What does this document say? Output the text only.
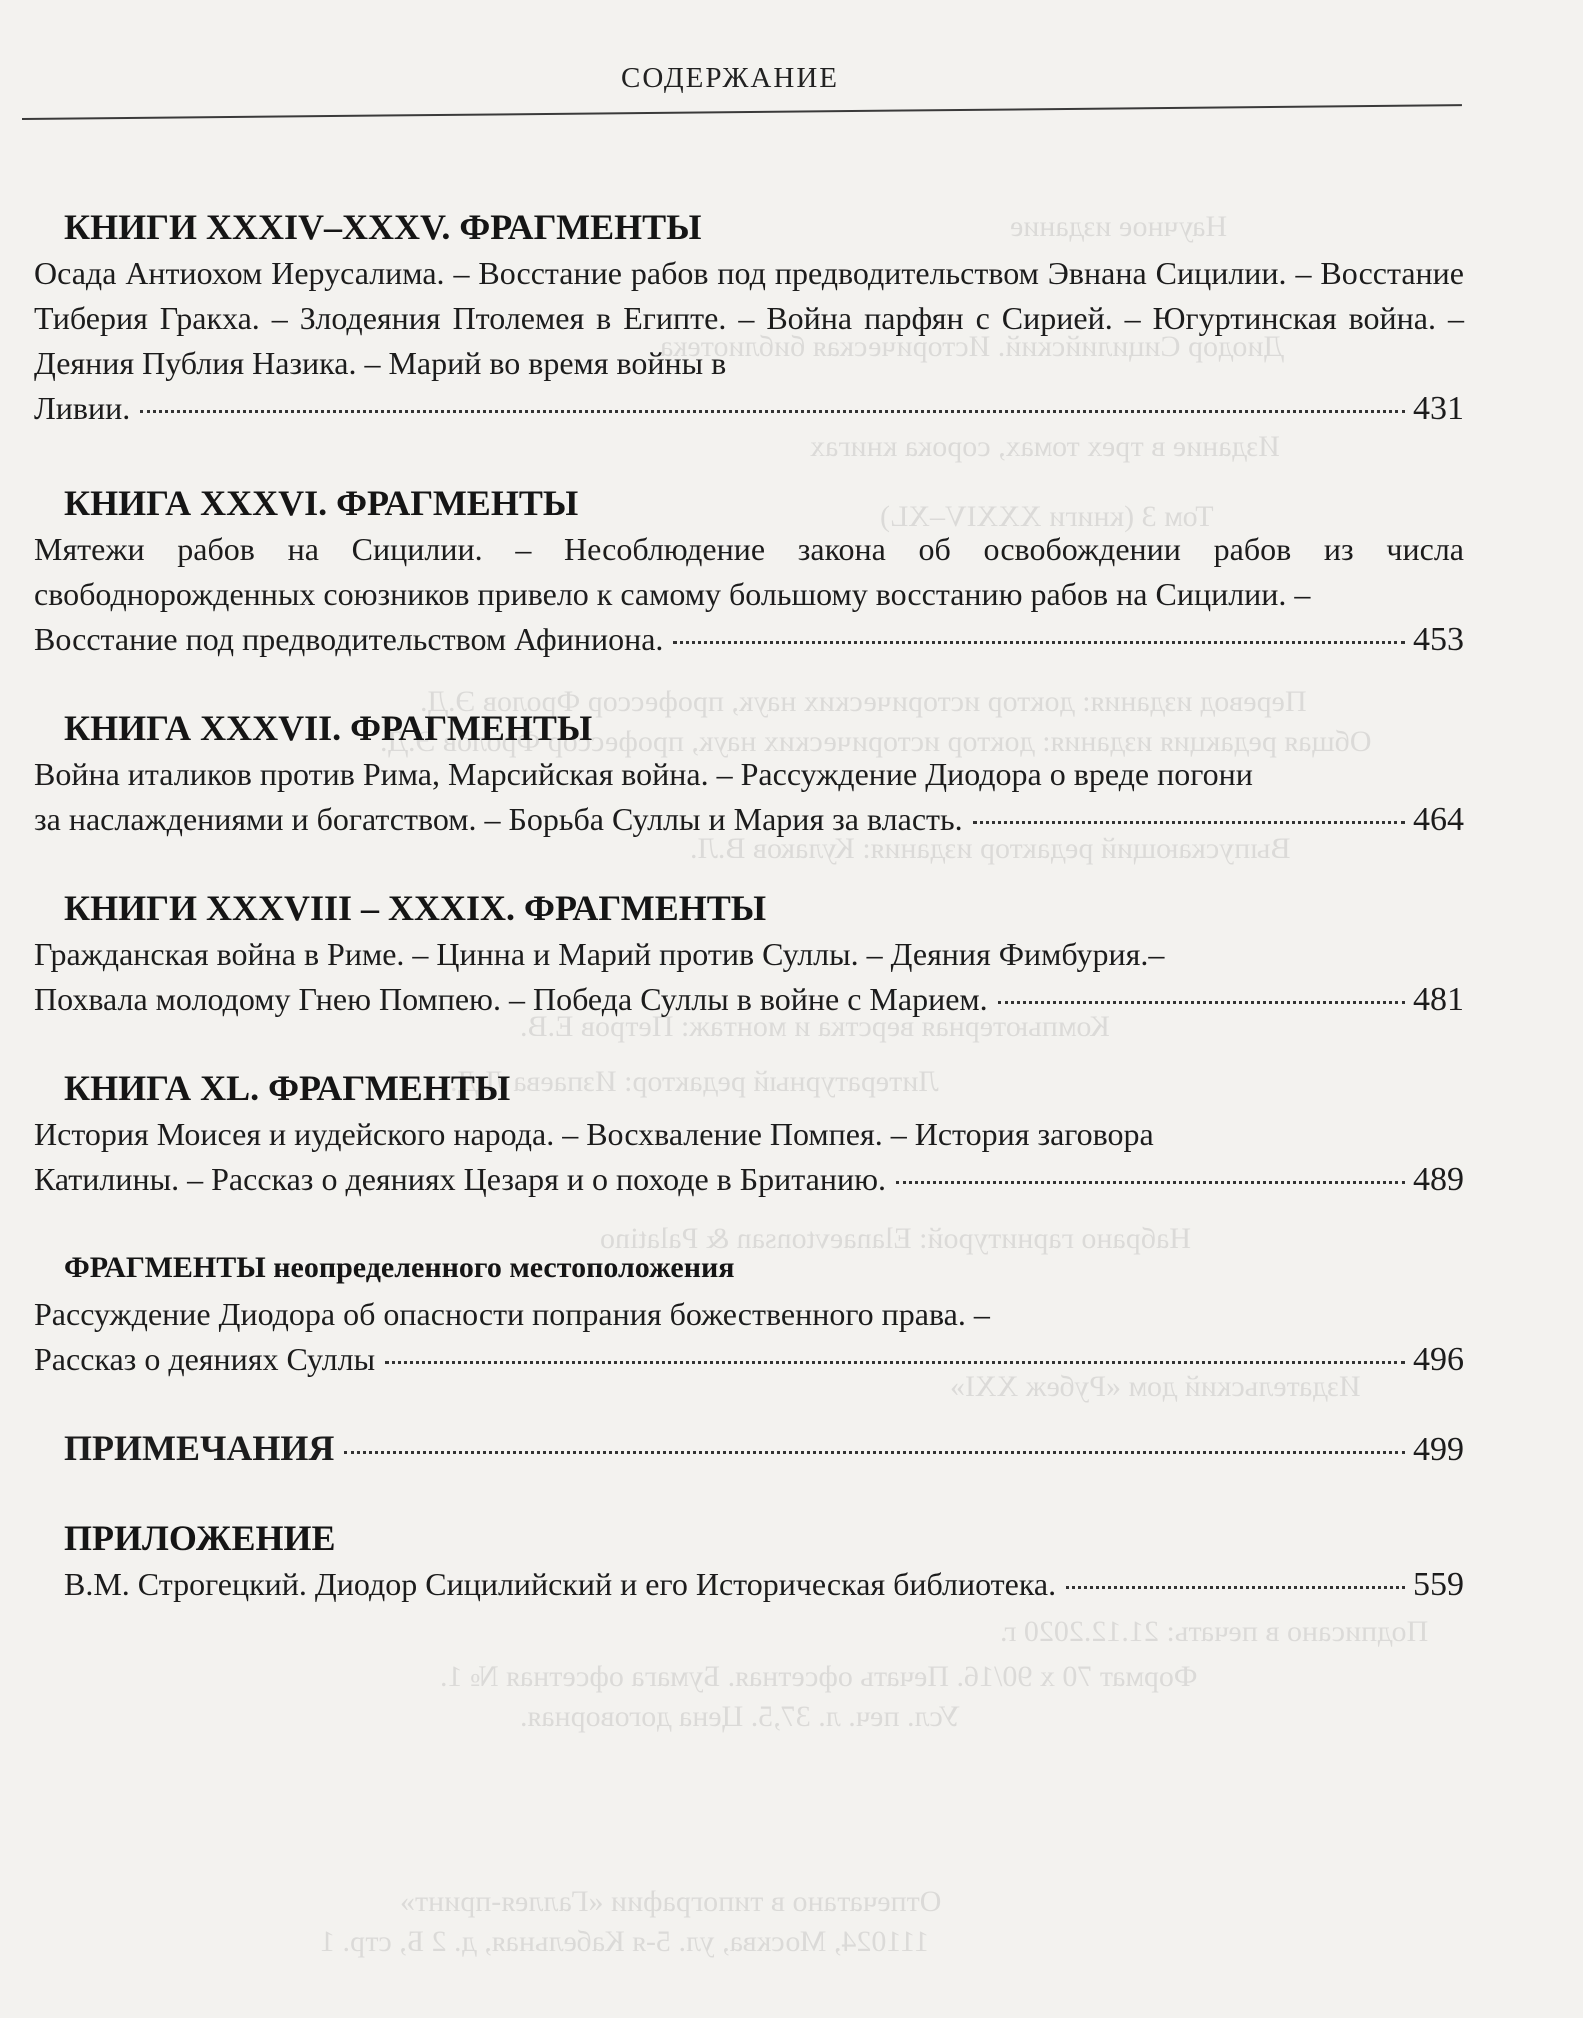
Научное издание
Диодор Сицилийский. Историческая библиотека
Издание в трех томах, сорока книгах
Том 3 (книги XXXIV–XL)
Перевод издания: доктор исторических наук, профессор Фролов Э.Д.
Общая редакция издания: доктор исторических наук, профессор Фролов Э.Д.
Выпускающий редактор издания: Кулаков В.Л.
Компьютерная верстка и монтаж: Петров Е.В.
Литературный редактор: Изпаева Л.Д.
Набрано гарнитурой: Elanaevtonsan & Palatino
Издательский дом «Рубеж XXI»
Подписано в печать: 21.12.2020 г.
Формат 70 x 90/16. Печать офсетная. Бумага офсетная № 1.
Усл. печ. л. 37,5. Цена договорная.
Отпечатано в типографии «Галлея-принт»
111024, Москва, ул. 5-я Кабельная, д. 2 Б, стр. 1
СОДЕРЖАНИЕ
КНИГИ XXXIV–XXXV. ФРАГМЕНТЫ

Осада Антиохом Иерусалима. – Восстание рабов под предводительством Эвнана Сицилии. – Восстание Тиберия Гракха. – Злодеяния Птолемея в Египте. – Война парфян с Сирией. – Югуртинская война. – Деяния Публия Назика. – Марий во время войны в

Ливии.	431
КНИГА XXXVI. ФРАГМЕНТЫ

Мятежи рабов на Сицилии. – Несоблюдение закона об освобождении рабов из числа свободнорожденных союзников привело к самому большому восстанию рабов на Сицилии. –

Восстание под предводительством Афиниона.	453
КНИГА XXXVII. ФРАГМЕНТЫ

Война италиков против Рима, Марсийская война. – Рассуждение Диодора о вреде погони

за наслаждениями и богатством. – Борьба Суллы и Мария за власть.	464
КНИГИ XXXVIII – XXXIX. ФРАГМЕНТЫ

Гражданская война в Риме. – Цинна и Марий против Суллы. – Деяния Фимбурия.–

Похвала молодому Гнею Помпею. – Победа Суллы в войне с Марием.	481
КНИГА XL. ФРАГМЕНТЫ

История Моисея и иудейского народа. – Восхваление Помпея. – История заговора

Катилины. – Рассказ о деяниях Цезаря и о походе в Британию.	489
ФРАГМЕНТЫ неопределенного местоположения

Рассуждение Диодора об опасности попрания божественного права. –

Рассказ о деяниях Суллы	496
ПРИМЕЧАНИЯ	499
ПРИЛОЖЕНИЕ
В.М. Строгецкий. Диодор Сицилийский и его Историческая библиотека.	559
